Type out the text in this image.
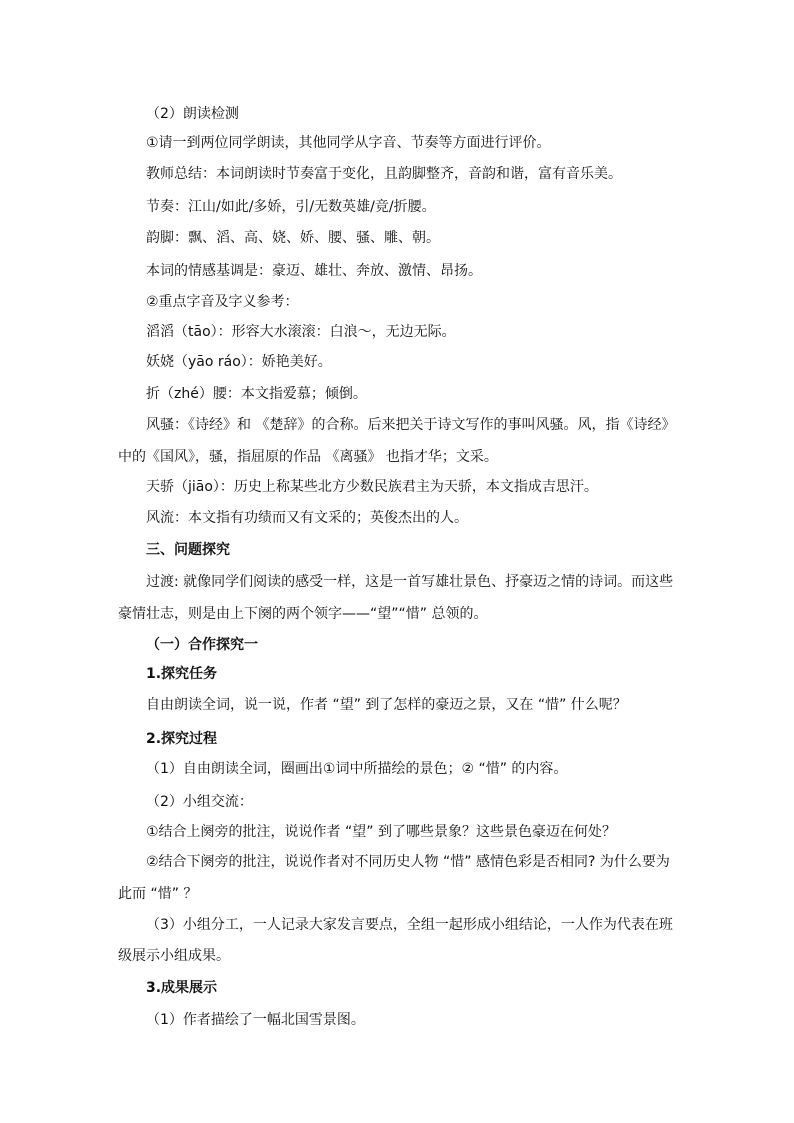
（2）朗读检测
①请一到两位同学朗读，其他同学从字音、节奏等方面进行评价。
教师总结：本词朗读时节奏富于变化，且韵脚整齐，音韵和谐，富有音乐美。
节奏：江山/如此/多娇，引/无数英雄/竞/折腰。
韵脚：飘、滔、高、娆、娇、腰、骚、雕、朝。
本词的情感基调是：豪迈、雄壮、奔放、激情、昂扬。
②重点字音及字义参考：
滔滔（tāo）：形容大水滚滚：白浪～，无边无际。
妖娆（yāo ráo）：娇艳美好。
折（zhé）腰：本文指爱慕；倾倒。
风骚：《诗经》和 《楚辞》的合称。后来把关于诗文写作的事叫风骚。风，指《诗经》
中的《国风》，骚，指屈原的作品 《离骚》 也指才华；文采。
天骄（jiāo）：历史上称某些北方少数民族君主为天骄，本文指成吉思汗。
风流：本文指有功绩而又有文采的；英俊杰出的人。
三、问题探究
过渡: 就像同学们阅读的感受一样，这是一首写雄壮景色、抒豪迈之情的诗词。而这些
豪情壮志，则是由上下阕的两个领字——“望”“惜” 总领的。
（一）合作探究一
1.探究任务
自由朗读全词，说一说，作者 “望” 到了怎样的豪迈之景，又在 “惜” 什么呢？
2.探究过程
（1）自由朗读全词，圈画出①词中所描绘的景色；② “惜” 的内容。
（2）小组交流：
①结合上阕旁的批注，说说作者 “望” 到了哪些景象？这些景色豪迈在何处？
②结合下阕旁的批注，说说作者对不同历史人物 “惜” 感情色彩是否相同? 为什么要为
此而 “惜” ？
（3）小组分工，一人记录大家发言要点，全组一起形成小组结论，一人作为代表在班
级展示小组成果。
3.成果展示
（1）作者描绘了一幅北国雪景图。
